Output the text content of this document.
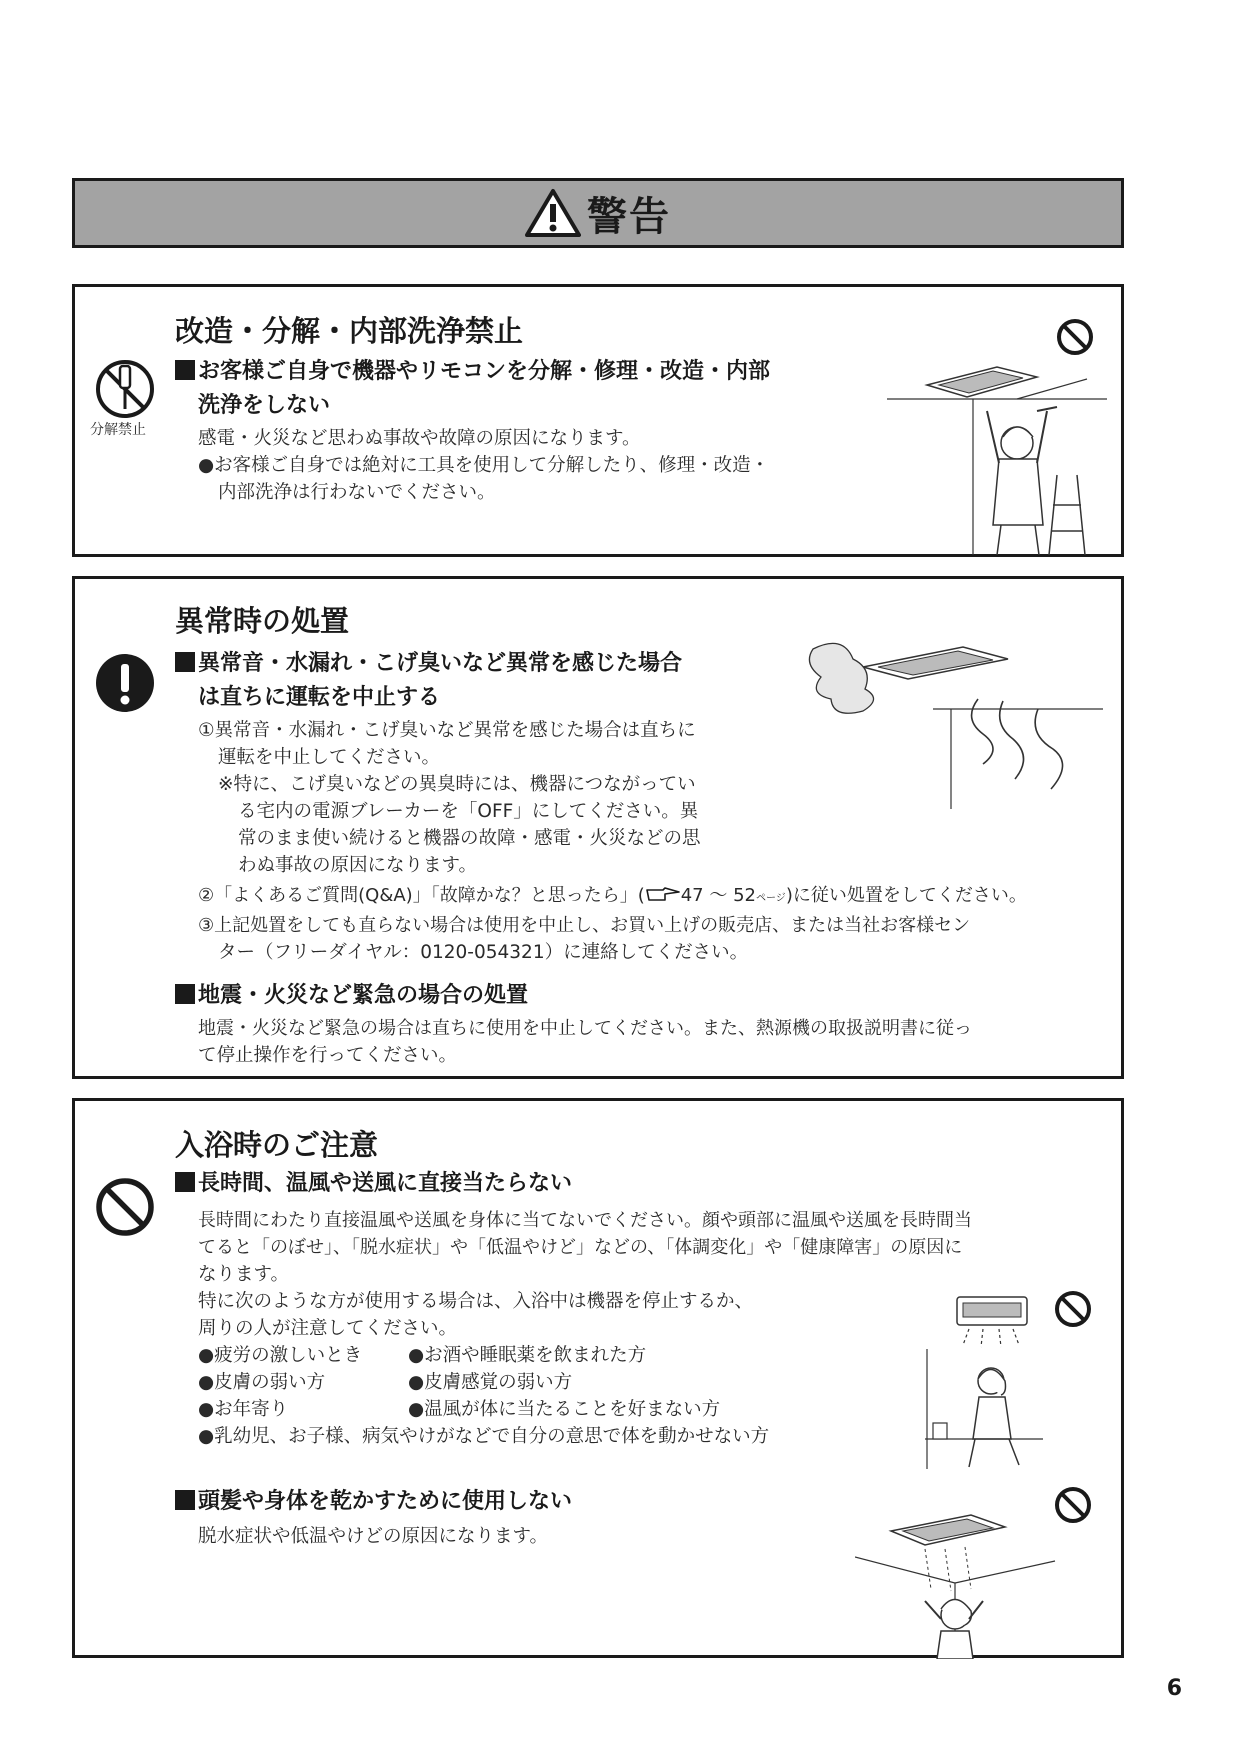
警告
改造・分解・内部洗浄禁止
分解禁止
お客様ご自身で機器やリモコンを分解・修理・改造・内部
洗浄をしない
感電・火災など思わぬ事故や故障の原因になります。
●お客様ご自身では絶対に工具を使用して分解したり、修理・改造・
内部洗浄は行わないでください。
異常時の処置
異常音・水漏れ・こげ臭いなど異常を感じた場合
は直ちに運転を中止する
①異常音・水漏れ・こげ臭いなど異常を感じた場合は直ちに
運転を中止してください。
※特に、こげ臭いなどの異臭時には、機器につながってい
る宅内の電源ブレーカーを「OFF」にしてください。異
常のまま使い続けると機器の故障・感電・火災などの思
わぬ事故の原因になります。
②「よくあるご質問(Q&A)」「故障かな？と思ったら」( 47 ～ 52ページ)に従い処置をしてください。
③上記処置をしても直らない場合は使用を中止し、お買い上げの販売店、または当社お客様セン
ター（フリーダイヤル：0120-054321）に連絡してください。
地震・火災など緊急の場合の処置
地震・火災など緊急の場合は直ちに使用を中止してください。また、熱源機の取扱説明書に従っ
て停止操作を行ってください。
入浴時のご注意
長時間、温風や送風に直接当たらない
長時間にわたり直接温風や送風を身体に当てないでください。顔や頭部に温風や送風を長時間当
てると「のぼせ」、「脱水症状」や「低温やけど」などの、「体調変化」や「健康障害」の原因に
なります。
特に次のような方が使用する場合は、入浴中は機器を停止するか、
周りの人が注意してください。
●疲労の激しいとき ●お酒や睡眠薬を飲まれた方
●皮膚の弱い方	●皮膚感覚の弱い方
●お年寄り	●温風が体に当たることを好まない方
●乳幼児、お子様、病気やけがなどで自分の意思で体を動かせない方
頭髪や身体を乾かすために使用しない
脱水症状や低温やけどの原因になります。
6
